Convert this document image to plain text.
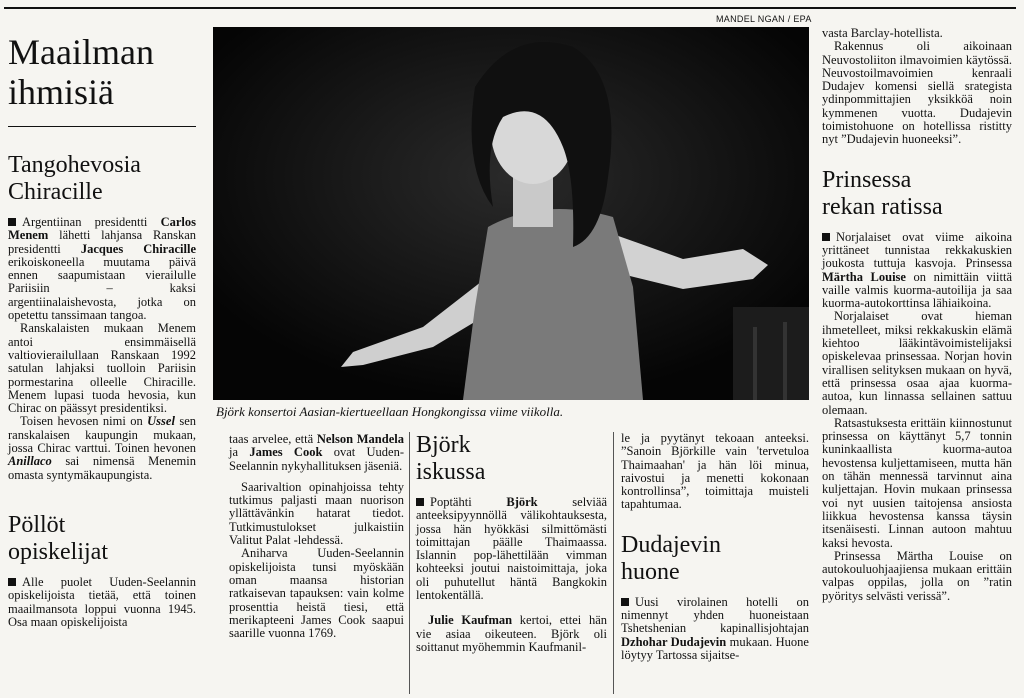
Maailman
ihmisiä
Tangohevosia
Chiracille

Argentiinan presidentti Carlos Menem lähetti lahjansa Ranskan presidentti Jacques Chiracille erikoiskoneella muutama päivä ennen saapumistaan vierailulle Pariisiin – kaksi argentiinalaishevosta, jotka on opetettu tanssimaan tangoa.

Ranskalaisten mukaan Menem antoi ensimmäisellä valtiovierailullaan Ranskaan 1992 satulan lahjaksi tuolloin Pariisin pormestarina olleelle Chiracille. Menem lupasi tuoda hevosia, kun Chirac on päässyt presidentiksi.

Toisen hevosen nimi on Ussel sen ranskalaisen kaupungin mukaan, jossa Chirac varttui. Toinen hevonen Anillaco sai nimensä Menemin omasta syntymäkaupungista.

Pöllöt
opiskelijat

Alle puolet Uuden-Seelannin opiskelijoista tietää, että toinen maailmansota loppui vuonna 1945. Osa maan opiskelijoista

MANDEL NGAN / EPA
Björk konsertoi Aasian-kiertueellaan Hongkongissa viime viikolla.

taas arvelee, että Nelson Mandela ja James Cook ovat Uuden-Seelannin nykyhallituksen jäseniä.

Saarivaltion opinahjoissa tehty tutkimus paljasti maan nuorison yllättävänkin hatarat tiedot. Tutkimustulokset julkaistiin Valitut Palat -lehdessä.

Aniharva Uuden-Seelannin opiskelijoista tunsi myöskään oman maansa historian ratkaisevan tapauksen: vain kolme prosenttia heistä tiesi, että merikapteeni James Cook saapui saarille vuonna 1769.

Björk
iskussa

Poptähti Björk selviää anteeksipyynnöllä välikohtauksesta, jossa hän hyökkäsi silmittömästi toimittajan päälle Thaimaassa. Islannin pop-lähettilään vimman kohteeksi joutui naistoimittaja, joka oli puhutellut häntä Bangkokin lentokentällä.

Julie Kaufman kertoi, ettei hän vie asiaa oikeuteen. Björk oli soittanut myöhemmin Kaufmanil-

le ja pyytänyt tekoaan anteeksi. ”Sanoin Björkille vain 'tervetuloa Thaimaahan' ja hän löi minua, raivostui ja menetti kokonaan kontrollinsa”, toimittaja muisteli tapahtumaa.

Dudajevin
huone

Uusi virolainen hotelli on nimennyt yhden huoneistaan Tshetshenian kapinallisjohtajan Dzhohar Dudajevin mukaan. Huone löytyy Tartossa sijaitse-

vasta Barclay-hotellista.

Rakennus oli aikoinaan Neuvostoliiton ilmavoimien käytössä. Neuvostoilmavoimien kenraali Dudajev komensi siellä srategista ydinpommittajien yksikköä noin kymmenen vuotta. Dudajevin toimistohuone on hotellissa ristitty nyt ”Dudajevin huoneeksi”.

Prinsessa
rekan ratissa

Norjalaiset ovat viime aikoina yrittäneet tunnistaa rekkakuskien joukosta tuttuja kasvoja. Prinsessa Märtha Louise on nimittäin viittä vaille valmis kuorma-autoilija ja saa kuorma-autokorttinsa lähiaikoina.

Norjalaiset ovat hieman ihmetelleet, miksi rekkakuskin elämä kiehtoo lääkintävoimistelijaksi opiskelevaa prinsessaa. Norjan hovin virallisen selityksen mukaan on hyvä, että prinsessa osaa ajaa kuorma-autoa, kun linnassa sellainen sattuu olemaan.

Ratsastuksesta erittäin kiinnostunut prinsessa on käyttänyt 5,7 tonnin kuninkaallista kuorma-autoa hevostensa kuljettamiseen, mutta hän on tähän mennessä tarvinnut aina kuljettajan. Hovin mukaan prinsessa voi nyt uusien taitojensa ansiosta liikkua hevostensa kanssa täysin itsenäisesti. Linnan autoon mahtuu kaksi hevosta.

Prinsessa Märtha Louise on autokouluohjaajiensa mukaan erittäin valpas oppilas, jolla on ”ratin pyöritys selvästi verissä”.
